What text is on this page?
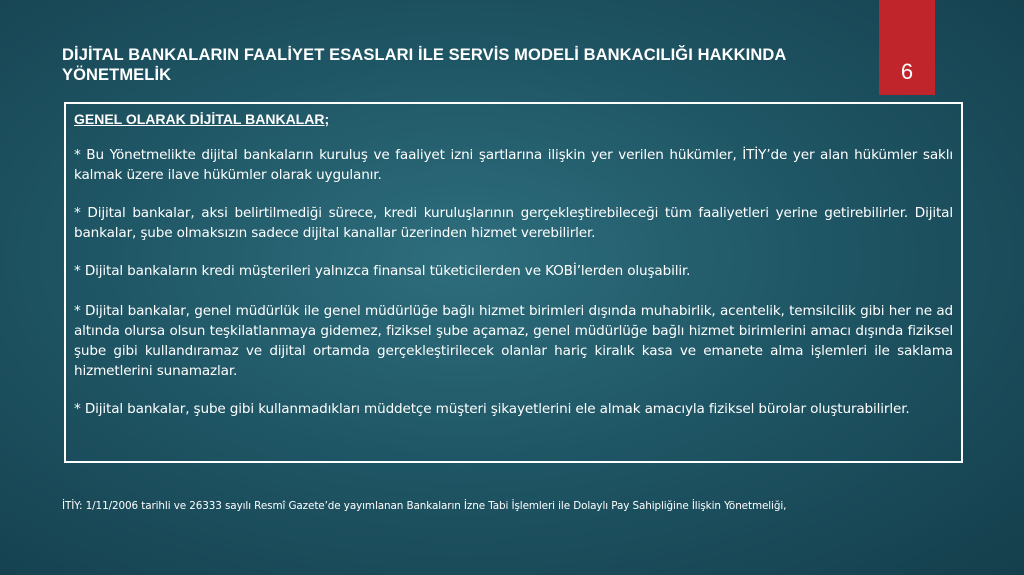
DİJİTAL BANKALARIN FAALİYET ESASLARI İLE SERVİS MODELİ BANKACILIĞI HAKKINDA YÖNETMELİK	6
GENEL OLARAK DİJİTAL BANKALAR;

* Bu Yönetmelikte dijital bankaların kuruluş ve faaliyet izni şartlarına ilişkin yer verilen hükümler, İTİY’de yer alan hükümler saklı kalmak üzere ilave hükümler olarak uygulanır.

* Dijital bankalar, aksi belirtilmediği sürece, kredi kuruluşlarının gerçekleştirebileceği tüm faaliyetleri yerine getirebilirler. Dijital bankalar, şube olmaksızın sadece dijital kanallar üzerinden hizmet verebilirler.

* Dijital bankaların kredi müşterileri yalnızca finansal tüketicilerden ve KOBİ’lerden oluşabilir.

* Dijital bankalar, genel müdürlük ile genel müdürlüğe bağlı hizmet birimleri dışında muhabirlik, acentelik, temsilcilik gibi her ne ad altında olursa olsun teşkilatlanmaya gidemez, fiziksel şube açamaz, genel müdürlüğe bağlı hizmet birimlerini amacı dışında fiziksel şube gibi kullandıramaz ve dijital ortamda gerçekleştirilecek olanlar hariç kiralık kasa ve emanete alma işlemleri ile saklama hizmetlerini sunamazlar.

* Dijital bankalar, şube gibi kullanmadıkları müddetçe müşteri şikayetlerini ele almak amacıyla fiziksel bürolar oluşturabilirler.

İTİY: 1/11/2006 tarihli ve 26333 sayılı Resmî Gazete’de yayımlanan Bankaların İzne Tabi İşlemleri ile Dolaylı Pay Sahipliğine İlişkin Yönetmeliği,
